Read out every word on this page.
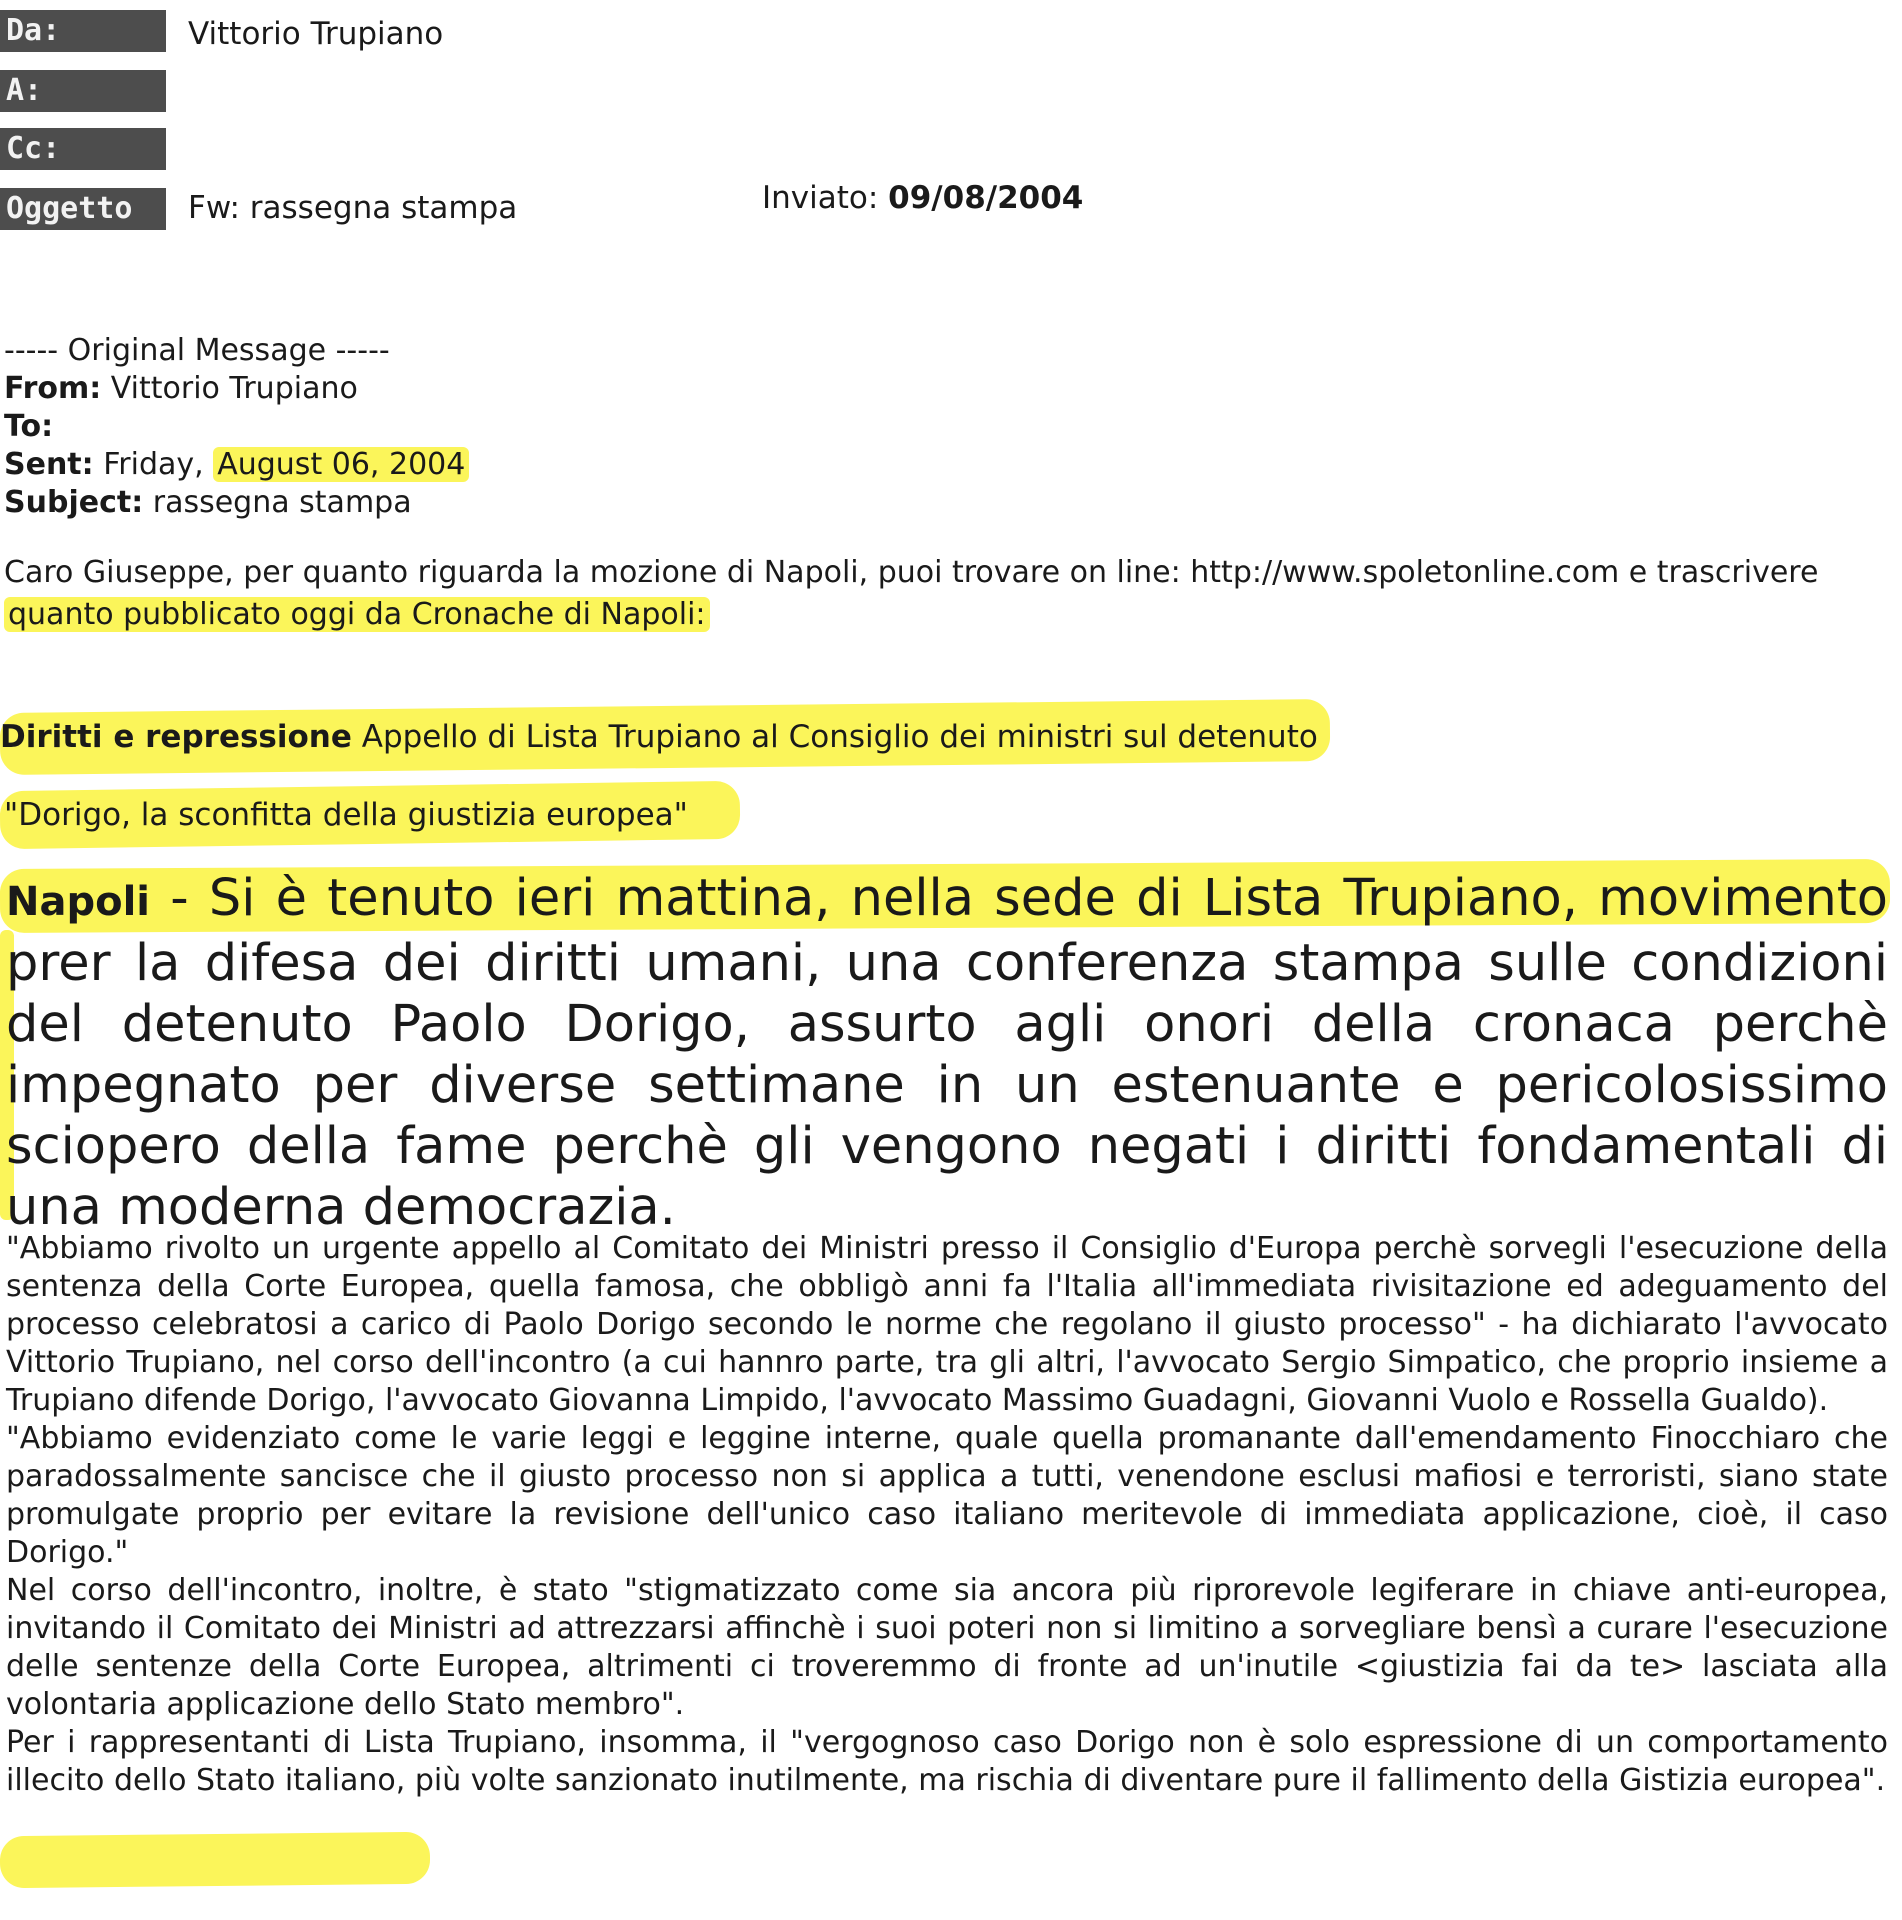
Da:	Vittorio Trupiano
A:
Cc:
Oggetto	Fw: rassegna stampa	Inviato: 09/08/2004
----- Original Message -----
From: Vittorio Trupiano
To:
Sent: Friday, August 06, 2004
Subject: rassegna stampa
Caro Giuseppe, per quanto riguarda la mozione di Napoli, puoi trovare on line: http://www.spoletonline.com e trascrivere quanto pubblicato oggi da Cronache di Napoli:
Diritti e repressione Appello di Lista Trupiano al Consiglio dei ministri sul detenuto
"Dorigo, la sconfitta della giustizia europea"
Napoli - Si è tenuto ieri mattina, nella sede di Lista Trupiano, movimento prer la difesa dei diritti umani, una conferenza stampa sulle condizioni del detenuto Paolo Dorigo, assurto agli onori della cronaca perchè impegnato per diverse settimane in un estenuante e pericolosissimo sciopero della fame perchè gli vengono negati i diritti fondamentali di una moderna democrazia.

"Abbiamo rivolto un urgente appello al Comitato dei Ministri presso il Consiglio d'Europa perchè sorvegli l'esecuzione della sentenza della Corte Europea, quella famosa, che obbligò anni fa l'Italia all'immediata rivisitazione ed adeguamento del processo celebratosi a carico di Paolo Dorigo secondo le norme che regolano il giusto processo" - ha dichiarato l'avvocato Vittorio Trupiano, nel corso dell'incontro (a cui hannro parte, tra gli altri, l'avvocato Sergio Simpatico, che proprio insieme a Trupiano difende Dorigo, l'avvocato Giovanna Limpido, l'avvocato Massimo Guadagni, Giovanni Vuolo e Rossella Gualdo).

"Abbiamo evidenziato come le varie leggi e leggine interne, quale quella promanante dall'emendamento Finocchiaro che paradossalmente sancisce che il giusto processo non si applica a tutti, venendone esclusi mafiosi e terroristi, siano state promulgate proprio per evitare la revisione dell'unico caso italiano meritevole di immediata applicazione, cioè, il caso Dorigo."

Nel corso dell'incontro, inoltre, è stato "stigmatizzato come sia ancora più riprorevole legiferare in chiave anti-europea, invitando il Comitato dei Ministri ad attrezzarsi affinchè i suoi poteri non si limitino a sorvegliare bensì a curare l'esecuzione delle sentenze della Corte Europea, altrimenti ci troveremmo di fronte ad un'inutile <giustizia fai da te> lasciata alla volontaria applicazione dello Stato membro".

Per i rappresentanti di Lista Trupiano, insomma, il "vergognoso caso Dorigo non è solo espressione di un comportamento illecito dello Stato italiano, più volte sanzionato inutilmente, ma rischia di diventare pure il fallimento della Gistizia europea".
